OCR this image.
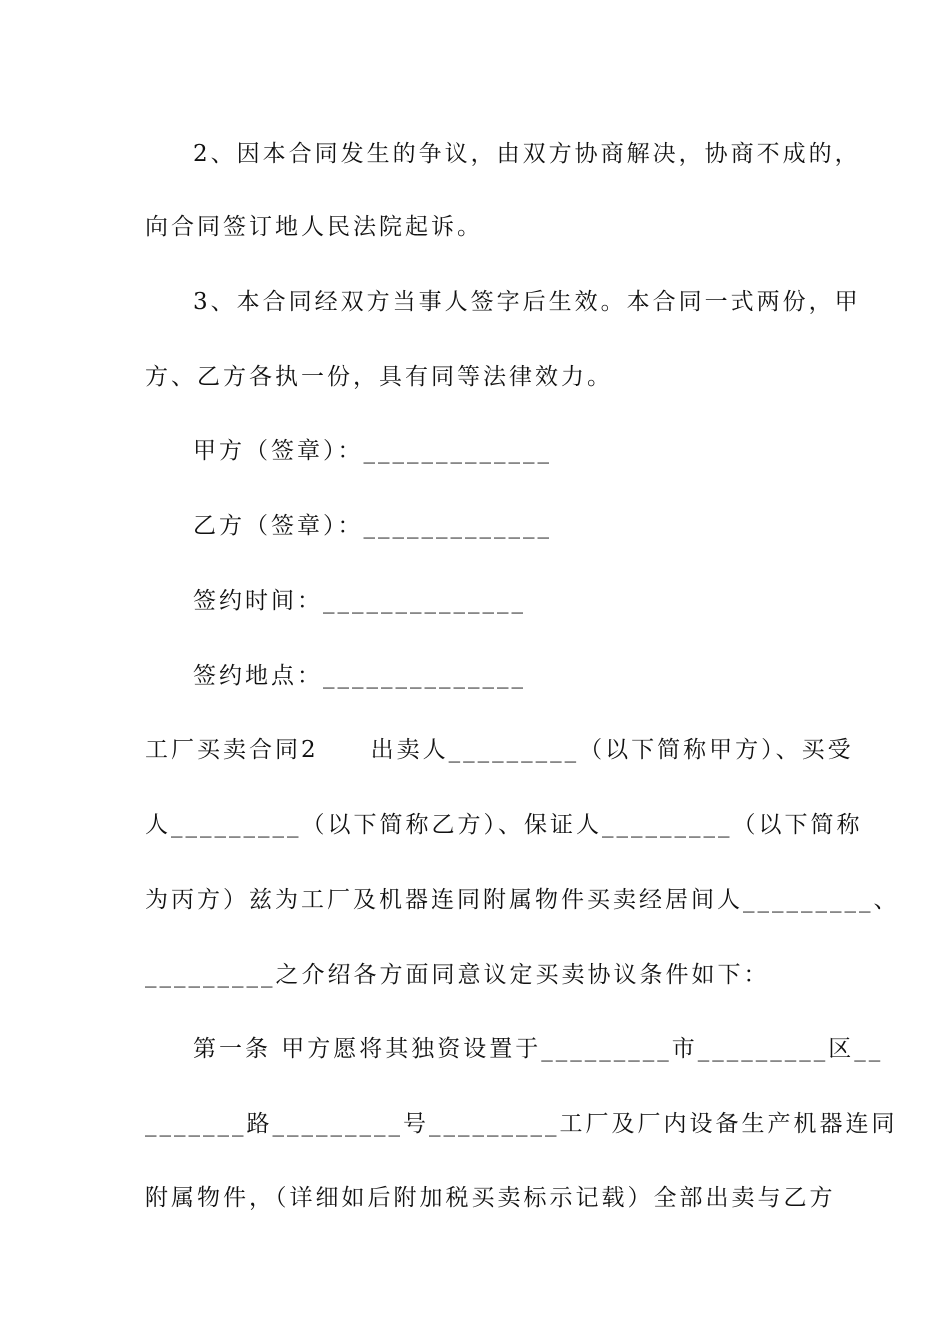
2、因本合同发生的争议，由双方协商解决，协商不成的，
向合同签订地人民法院起诉。
3、本合同经双方当事人签字后生效。本合同一式两份，甲
方、乙方各执一份，具有同等法律效力。
甲方（签章）：_____________
乙方（签章）：_____________
签约时间：______________
签约地点：______________
工厂买卖合同2　　出卖人_________（以下简称甲方）、买受
人_________（以下简称乙方）、保证人_________（以下简称
为丙方）兹为工厂及机器连同附属物件买卖经居间人_________、
_________之介绍各方面同意议定买卖协议条件如下：
第一条 甲方愿将其独资设置于_________市_________区__
_______路_________号_________工厂及厂内设备生产机器连同
附属物件，（详细如后附加税买卖标示记载）全部出卖与乙方
